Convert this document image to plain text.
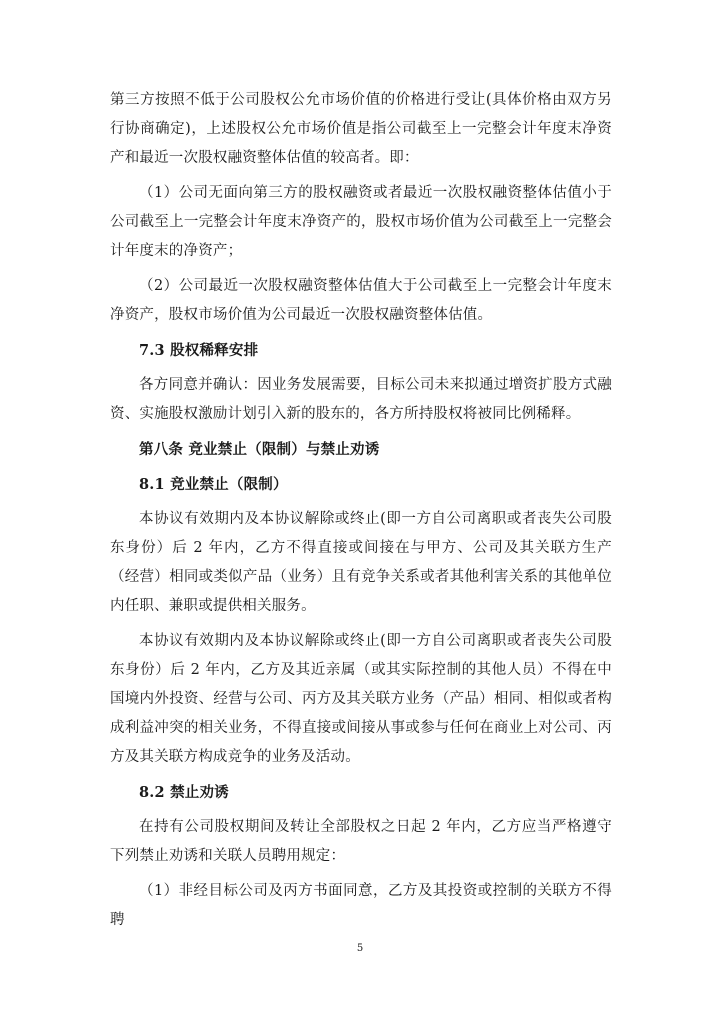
第三方按照不低于公司股权公允市场价值的价格进行受让(具体价格由双方另行协商确定)，上述股权公允市场价值是指公司截至上一完整会计年度末净资产和最近一次股权融资整体估值的较高者。即：

（1）公司无面向第三方的股权融资或者最近一次股权融资整体估值小于公司截至上一完整会计年度末净资产的，股权市场价值为公司截至上一完整会计年度末的净资产；

（2）公司最近一次股权融资整体估值大于公司截至上一完整会计年度末净资产，股权市场价值为公司最近一次股权融资整体估值。

7.3 股权稀释安排

各方同意并确认：因业务发展需要，目标公司未来拟通过增资扩股方式融资、实施股权激励计划引入新的股东的，各方所持股权将被同比例稀释。

第八条 竞业禁止（限制）与禁止劝诱

8.1 竞业禁止（限制）

本协议有效期内及本协议解除或终止(即一方自公司离职或者丧失公司股东身份）后 2 年内，乙方不得直接或间接在与甲方、公司及其关联方生产（经营）相同或类似产品（业务）且有竞争关系或者其他利害关系的其他单位内任职、兼职或提供相关服务。

本协议有效期内及本协议解除或终止(即一方自公司离职或者丧失公司股东身份）后 2 年内，乙方及其近亲属（或其实际控制的其他人员）不得在中国境内外投资、经营与公司、丙方及其关联方业务（产品）相同、相似或者构成利益冲突的相关业务，不得直接或间接从事或参与任何在商业上对公司、丙方及其关联方构成竞争的业务及活动。

8.2 禁止劝诱

在持有公司股权期间及转让全部股权之日起 2 年内，乙方应当严格遵守下列禁止劝诱和关联人员聘用规定：

（1）非经目标公司及丙方书面同意，乙方及其投资或控制的关联方不得聘

5
